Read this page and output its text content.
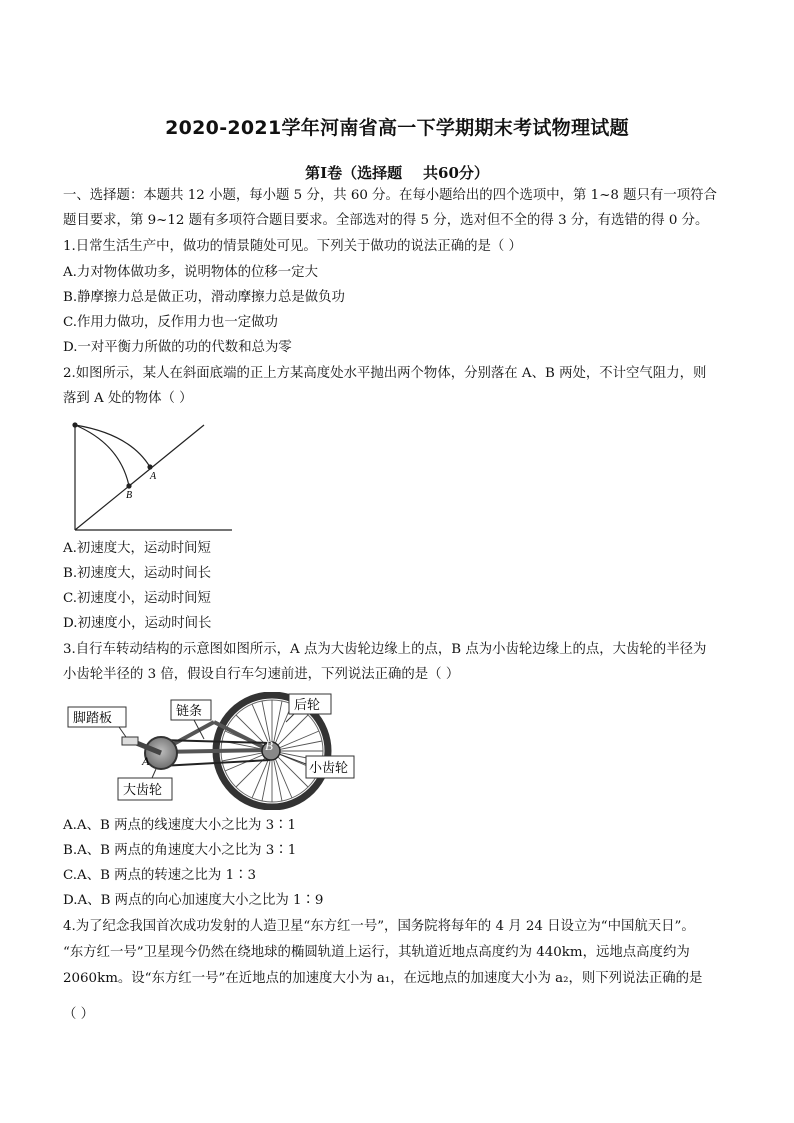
2020-2021学年河南省高一下学期期末考试物理试题
第Ⅰ卷（选择题    共60分）
一、选择题：本题共 12 小题，每小题 5 分，共 60 分。在每小题给出的四个选项中，第 1~8 题只有一项符合
题目要求，第 9~12 题有多项符合题目要求。全部选对的得 5 分，选对但不全的得 3 分，有选错的得 0 分。
1.日常生活生产中，做功的情景随处可见。下列关于做功的说法正确的是（ ）
A.力对物体做功多，说明物体的位移一定大
B.静摩擦力总是做正功，滑动摩擦力总是做负功
C.作用力做功，反作用力也一定做功
D.一对平衡力所做的功的代数和总为零
2.如图所示，某人在斜面底端的正上方某高度处水平抛出两个物体，分别落在 A、B 两处，不计空气阻力，则
落到 A 处的物体（ ）
A
B
A.初速度大，运动时间短
B.初速度大，运动时间长
C.初速度小，运动时间短
D.初速度小，运动时间长
3.自行车转动结构的示意图如图所示，A 点为大齿轮边缘上的点，B 点为小齿轮边缘上的点，大齿轮的半径为
小齿轮半径的 3 倍，假设自行车匀速前进，下列说法正确的是（ ）
脚踏板	链条	后轮
小齿轮
大齿轮
A
B
A.A、B 两点的线速度大小之比为 3∶1
B.A、B 两点的角速度大小之比为 3∶1
C.A、B 两点的转速之比为 1∶3
D.A、B 两点的向心加速度大小之比为 1∶9
4.为了纪念我国首次成功发射的人造卫星“东方红一号”，国务院将每年的 4 月 24 日设立为“中国航天日”。
“东方红一号”卫星现今仍然在绕地球的椭圆轨道上运行，其轨道近地点高度约为 440km，远地点高度约为
2060km。设“东方红一号”在近地点的加速度大小为 a₁，在远地点的加速度大小为 a₂，则下列说法正确的是
（ ）
